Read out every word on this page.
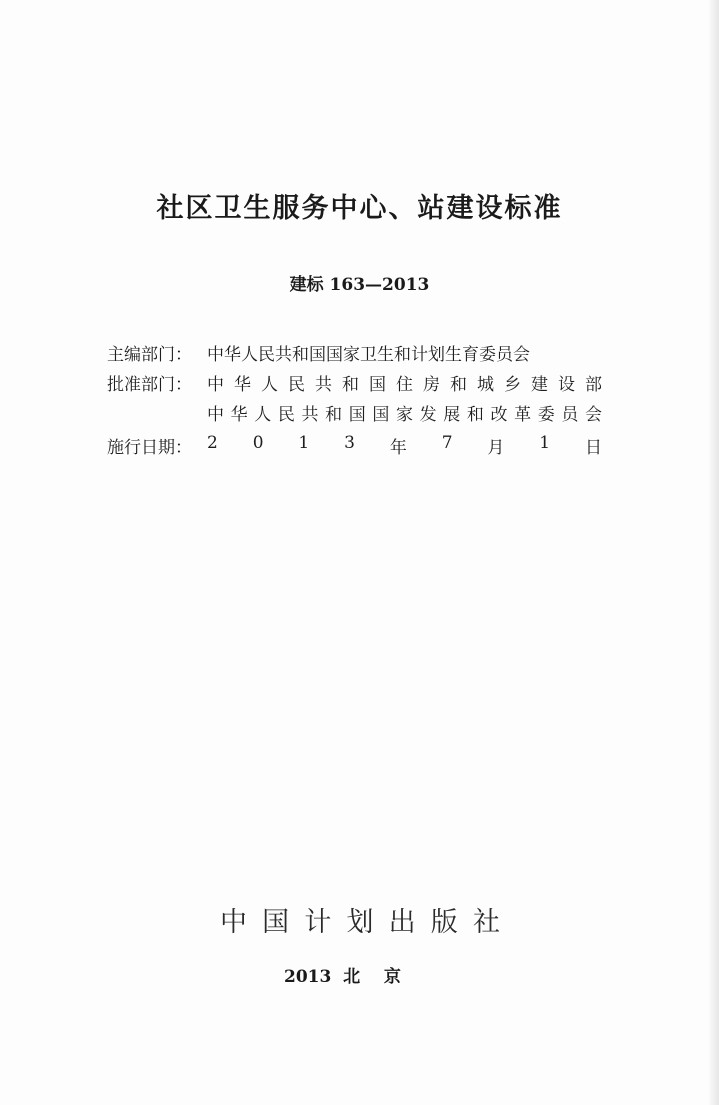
社区卫生服务中心、站建设标准
建标 163—2013
主编部门： 中华人民共和国国家卫生和计划生育委员会
批准部门： 中 华 人 民 共 和 国 住 房 和 城 乡 建 设 部
中 华 人 民 共 和 国 国 家 发 展 和 改 革 委 员 会
施行日期： 2 0 1 3 年 7 月 1 日
中 国 计 划 出 版 社
2013  北    京
